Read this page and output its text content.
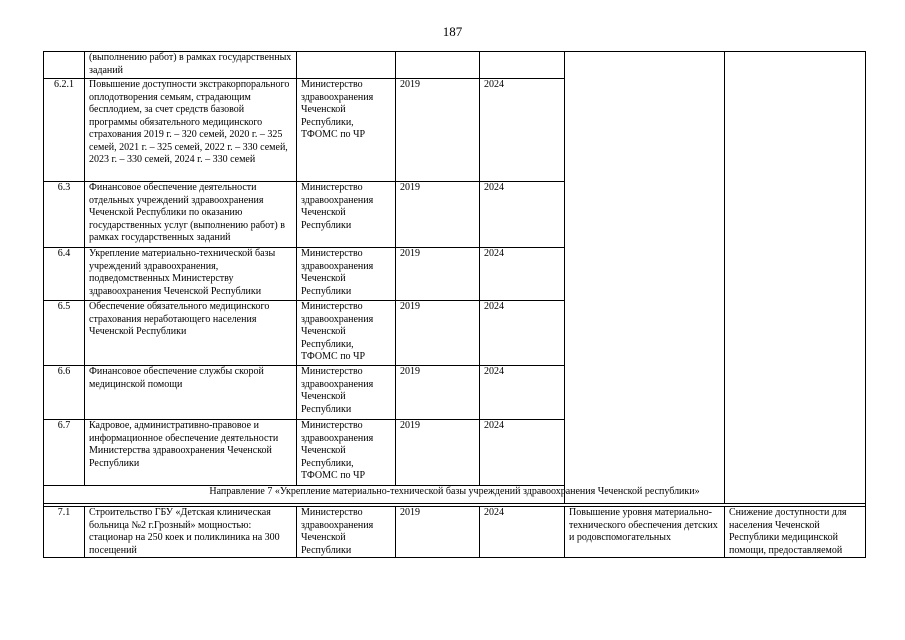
187
	(выполнению работ) в рамках государственных заданий					
6.2.1	Повышение доступности экстракорпорального оплодотворения семьям, страдающим бесплодием, за счет средств базовой программы обязательного медицинского страхования 2019 г. – 320 семей, 2020 г. – 325 семей, 2021 г. – 325 семей, 2022 г. – 330 семей, 2023 г. – 330 семей, 2024 г. – 330 семей	Министерство здравоохранения Чеченской Республики, ТФОМС по ЧР	2019	2024		
6.3	Финансовое обеспечение деятельности отдельных учреждений здравоохранения Чеченской Республики по оказанию государственных услуг (выполнению работ) в рамках государственных заданий	Министерство здравоохранения Чеченской Республики	2019	2024		
6.4	Укрепление материально-технической базы учреждений здравоохранения, подведомственных Министерству здравоохранения Чеченской Республики	Министерство здравоохранения Чеченской Республики	2019	2024		
6.5	Обеспечение обязательного медицинского страхования неработающего населения Чеченской Республики	Министерство здравоохранения Чеченской Республики, ТФОМС по ЧР	2019	2024		
6.6	Финансовое обеспечение службы скорой медицинской помощи	Министерство здравоохранения Чеченской Республики	2019	2024		
6.7	Кадровое, административно-правовое и информационное обеспечение деятельности Министерства здравоохранения Чеченской Республики	Министерство здравоохранения Чеченской Республики, ТФОМС по ЧР	2019	2024		
Направление 7 «Укрепление материально-технической базы учреждений здравоохранения Чеченской республики»						

7.1	Строительство ГБУ «Детская клиническая больница №2 г.Грозный» мощностью: стационар на 250 коек и поликлиника на 300 посещений	Министерство здравоохранения Чеченской Республики	2019	2024	Повышение уровня материально-технического обеспечения детских и родовспомогательных	Снижение доступности для населения Чеченской Республики медицинской помощи, предоставляемой
